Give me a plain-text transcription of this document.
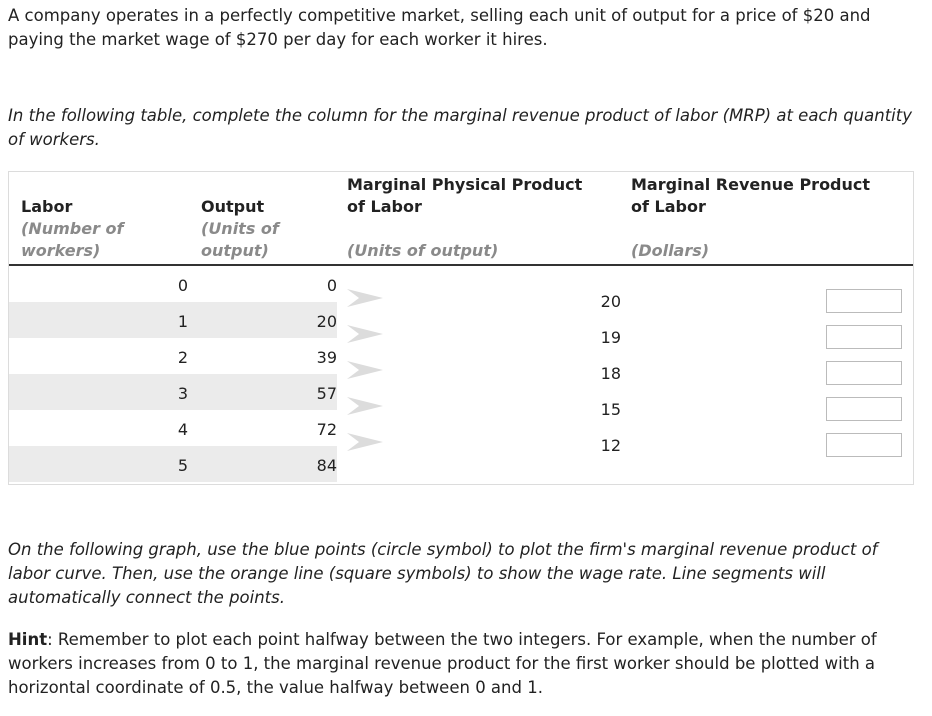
A company operates in a perfectly competitive market, selling each unit of output for a price of $20 and paying the market wage of $270 per day for each worker it hires.

In the following table, complete the column for the marginal revenue product of labor (MRP) at each quantity of workers.

Labor
(Number of
workers)
Output
(Units of
output)
Marginal Physical Product
of Labor
(Units of output)
Marginal Revenue Product
of Labor
(Dollars)
0
1
2
3
4
5
0
20
39
57
72
84
20
19
18
15
12

On the following graph, use the blue points (circle symbol) to plot the firm's marginal revenue product of labor curve. Then, use the orange line (square symbols) to show the wage rate. Line segments will automatically connect the points.

Hint: Remember to plot each point halfway between the two integers. For example, when the number of workers increases from 0 to 1, the marginal revenue product for the first worker should be plotted with a horizontal coordinate of 0.5, the value halfway between 0 and 1.
